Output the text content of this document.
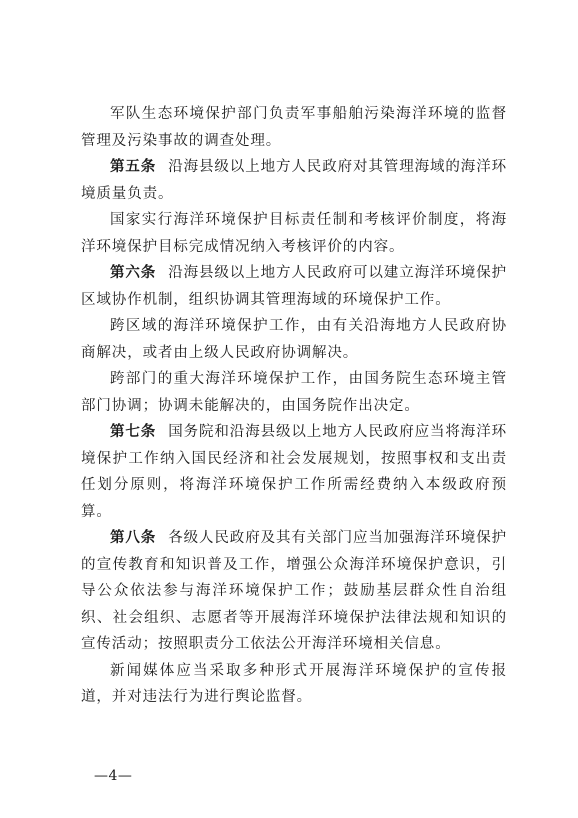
军队生态环境保护部门负责军事船舶污染海洋环境的监督管理及污染事故的调查处理。

第五条 沿海县级以上地方人民政府对其管理海域的海洋环境质量负责。

国家实行海洋环境保护目标责任制和考核评价制度，将海洋环境保护目标完成情况纳入考核评价的内容。

第六条 沿海县级以上地方人民政府可以建立海洋环境保护区域协作机制，组织协调其管理海域的环境保护工作。

跨区域的海洋环境保护工作，由有关沿海地方人民政府协商解决，或者由上级人民政府协调解决。

跨部门的重大海洋环境保护工作，由国务院生态环境主管部门协调；协调未能解决的，由国务院作出决定。

第七条 国务院和沿海县级以上地方人民政府应当将海洋环境保护工作纳入国民经济和社会发展规划，按照事权和支出责任划分原则，将海洋环境保护工作所需经费纳入本级政府预算。

第八条 各级人民政府及其有关部门应当加强海洋环境保护的宣传教育和知识普及工作，增强公众海洋环境保护意识，引导公众依法参与海洋环境保护工作；鼓励基层群众性自治组织、社会组织、志愿者等开展海洋环境保护法律法规和知识的宣传活动；按照职责分工依法公开海洋环境相关信息。

新闻媒体应当采取多种形式开展海洋环境保护的宣传报道，并对违法行为进行舆论监督。

—4—
